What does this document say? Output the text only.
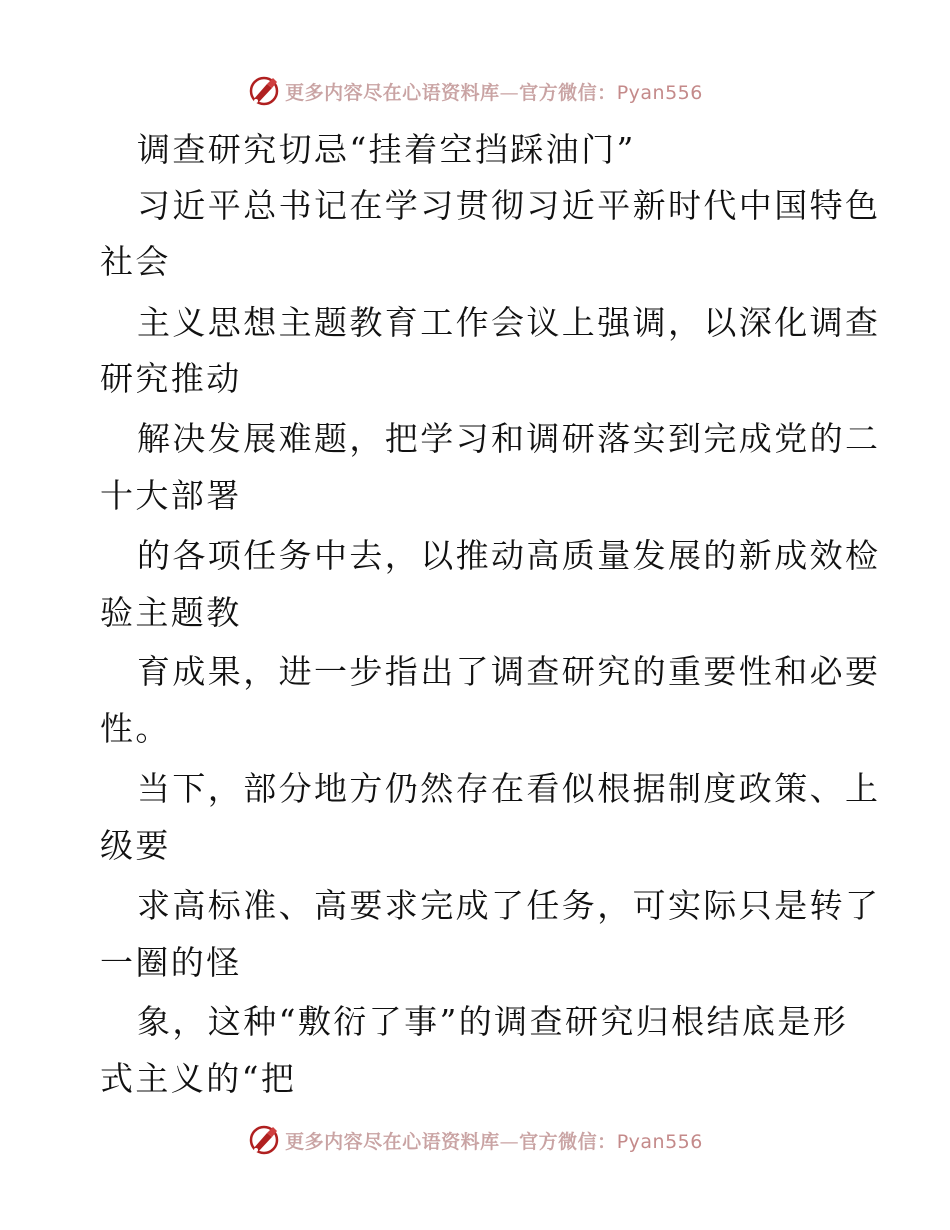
更多内容尽在心语资料库—官方微信：Pyan556
调查研究切忌“挂着空挡踩油门”
习近平总书记在学习贯彻习近平新时代中国特色
社会
主义思想主题教育工作会议上强调，以深化调查
研究推动
解决发展难题，把学习和调研落实到完成党的二
十大部署
的各项任务中去，以推动高质量发展的新成效检
验主题教
育成果，进一步指出了调查研究的重要性和必要
性。
当下，部分地方仍然存在看似根据制度政策、上
级要
求高标准、高要求完成了任务，可实际只是转了
一圈的怪
象，这种“敷衍了事”的调查研究归根结底是形
式主义的“把
更多内容尽在心语资料库—官方微信：Pyan556
